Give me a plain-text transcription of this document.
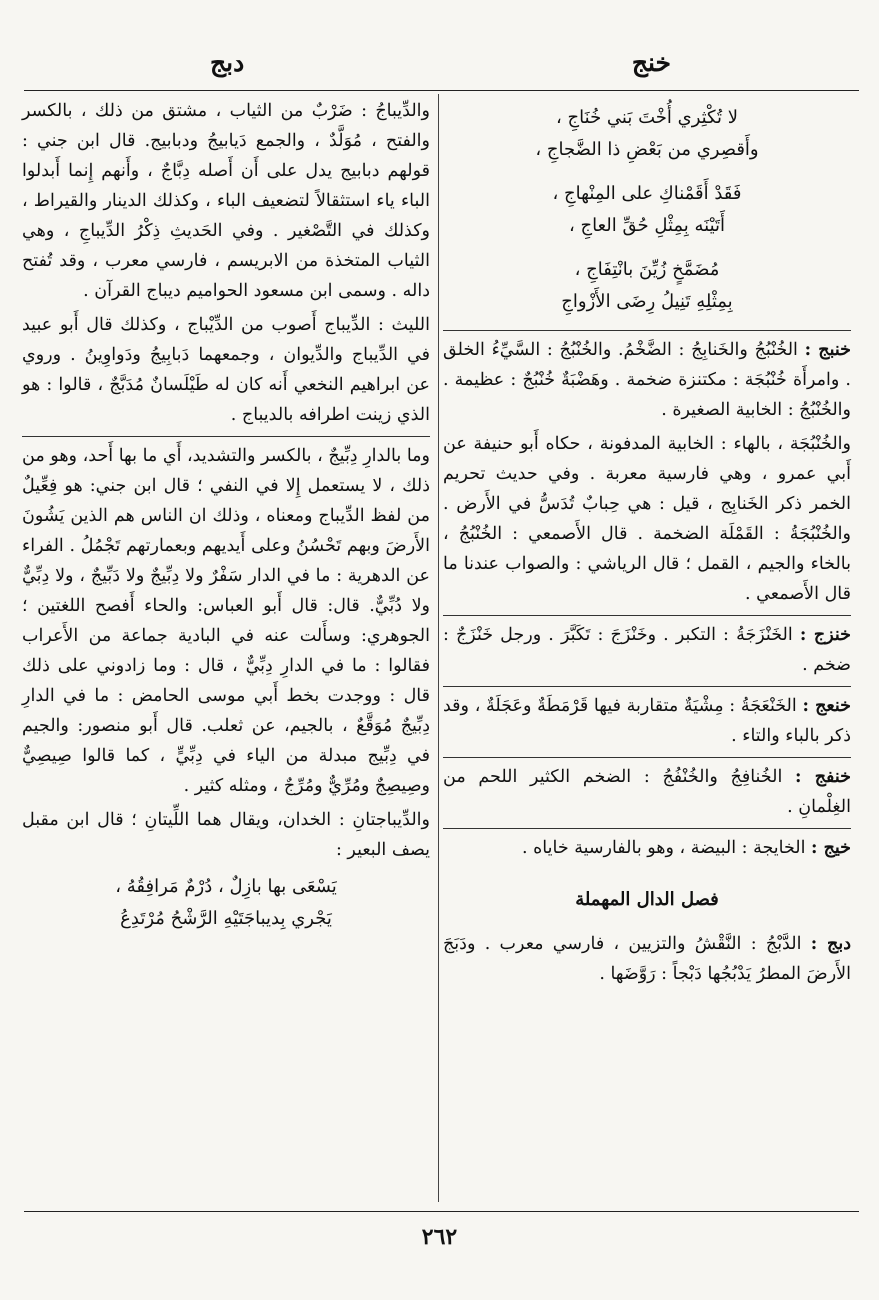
خنج
دبج
لا تُكْثِري أُخْتَ بَني خُنَاجِ ،
وأَقصِري من بَعْضِ ذا الضَّجاجِ ،
فَقَدْ أَقَمْناكِ على المِنْهاجِ ،
أَتَيْنَه بِمِثْلِ حُقِّ العاجِ ،
مُضَمَّخٍ زُيِّنَ بانْتِفَاجِ ،
بِمِثْلِهِ تَنِيلُ رِضَى الأَزْواجِ

خنبج : الخُنْبُجُ والخَنابِجُ : الضَّخْمُ. والخُنْبُجُ : السَّيِّءُ الخلق . وامرأَة خُنْبُجَة : مكتنزة ضخمة . وهَضْبَةٌ خُنْبُجٌ : عظيمة . والخُنْبُجُ : الخابية الصغيرة .

والخُنْبُجَة ، بالهاء : الخابية المدفونة ، حكاه أَبو حنيفة عن أَبي عمرو ، وهي فارسية معربة . وفي حديث تحريم الخمر ذكر الخَنابِج ، قيل : هي حِبابٌ تُدَسُّ في الأَرض . والخُنْبُجَةُ : القَمْلَة الضخمة . قال الأَصمعي : الخُنْبُجُ ، بالخاء والجيم ، القمل ؛ قال الرياشي : والصواب عندنا ما قال الأَصمعي .

خنزج : الخَنْزَجَةُ : التكبر . وخَنْزَجَ : تَكَبَّرَ . ورجل خَنْزَجٌ : ضخم .

خنعج : الخَنْعَجَةُ : مِشْيَةٌ متقاربة فيها قَرْمَطَةٌ وعَجَلَةٌ ، وقد ذكر بالباء والتاء .

خنفج : الخُنافِجُ والخُنْفُجُ : الضخم الكثير اللحم من الغِلْمانِ .

خيج : الخايجة : البيضة ، وهو بالفارسية خاياه .

فصل الدال المهملة

دبج : الدَّبْجُ : النَّقْشُ والتزيين ، فارسي معرب . ودَبَجَ الأَرضَ المطرُ يَدْبُجُها دَبْجاً : رَوَّضَها .

والدِّيباجُ : ضَرْبٌ من الثياب ، مشتق من ذلك ، بالكسر والفتح ، مُوَلَّدٌ ، والجمع دَيابيجُ ودبابيج. قال ابن جني : قولهم دبابيج يدل على أَن أَصله دِبَّاجٌ ، وأَنهم إِنما أَبدلوا الباء ياء استثقالاً لتضعيف الباء ، وكذلك الدينار والقيراط ، وكذلك في التَّصْغير . وفي الحَديثِ ذِكْرُ الدِّيباجِ ، وهي الثياب المتخذة من الابريسم ، فارسي معرب ، وقد تُفتح داله . وسمى ابن مسعود الحواميم ديباج القرآن .

الليث : الدِّيباج أَصوب من الدِّيْباج ، وكذلك قال أَبو عبيد في الدِّيباج والدِّيوان ، وجمعهما دَبابِيجُ ودَواوِينُ . وروي عن ابراهيم النخعي أَنه كان له طَيْلَسانٌ مُدَبَّجٌ ، قالوا : هو الذي زينت اطرافه بالديباج .

وما بالدارِ دِبِّيجٌ ، بالكسر والتشديد، أَي ما بها أَحد، وهو من ذلك ، لا يستعمل إِلا في النفي ؛ قال ابن جني: هو فِعِّيلٌ من لفظ الدِّيباج ومعناه ، وذلك ان الناس هم الذين يَشُونَ الأَرضَ وبهم تَحْسُنُ وعلى أَيديهم وبعمارتهم تَجْمُلُ . الفراء عن الدهرية : ما في الدار سَفْرٌ ولا دِبِّيجٌ ولا دَبِّيجٌ ، ولا دِبِّيٌّ ولا دُبِّيٌّ. قال: قال أَبو العباس: والحاء أَفصح اللغتين ؛ الجوهري: وسأَلت عنه في البادية جماعة من الأَعراب فقالوا : ما في الدارِ دِبِّيٌّ ، قال : وما زادوني على ذلك قال : ووجدت بخط أَبي موسى الحامض : ما في الدارِ دِبِّيجٌ مُوَقَّعٌ ، بالجيم، عن ثعلب. قال أَبو منصور: والجيم في دِبِّيج مبدلة من الياء في دِبِّيٍّ ، كما قالوا صِيصِيٌّ وصِيصِجٌ ومُرِّيٌّ ومُرِّجٌ ، ومثله كثير .

والدِّيباجتانِ : الخدان، ويقال هما اللِّيتانِ ؛ قال ابن مقبل يصف البعير :

يَسْعَى بها بازِلٌ ، دُرْمٌ مَرافِقُهُ ،
يَجْري بِديباجَتَيْهِ الرَّشْحُ مُرْتَدِعُ
٢٦٢
